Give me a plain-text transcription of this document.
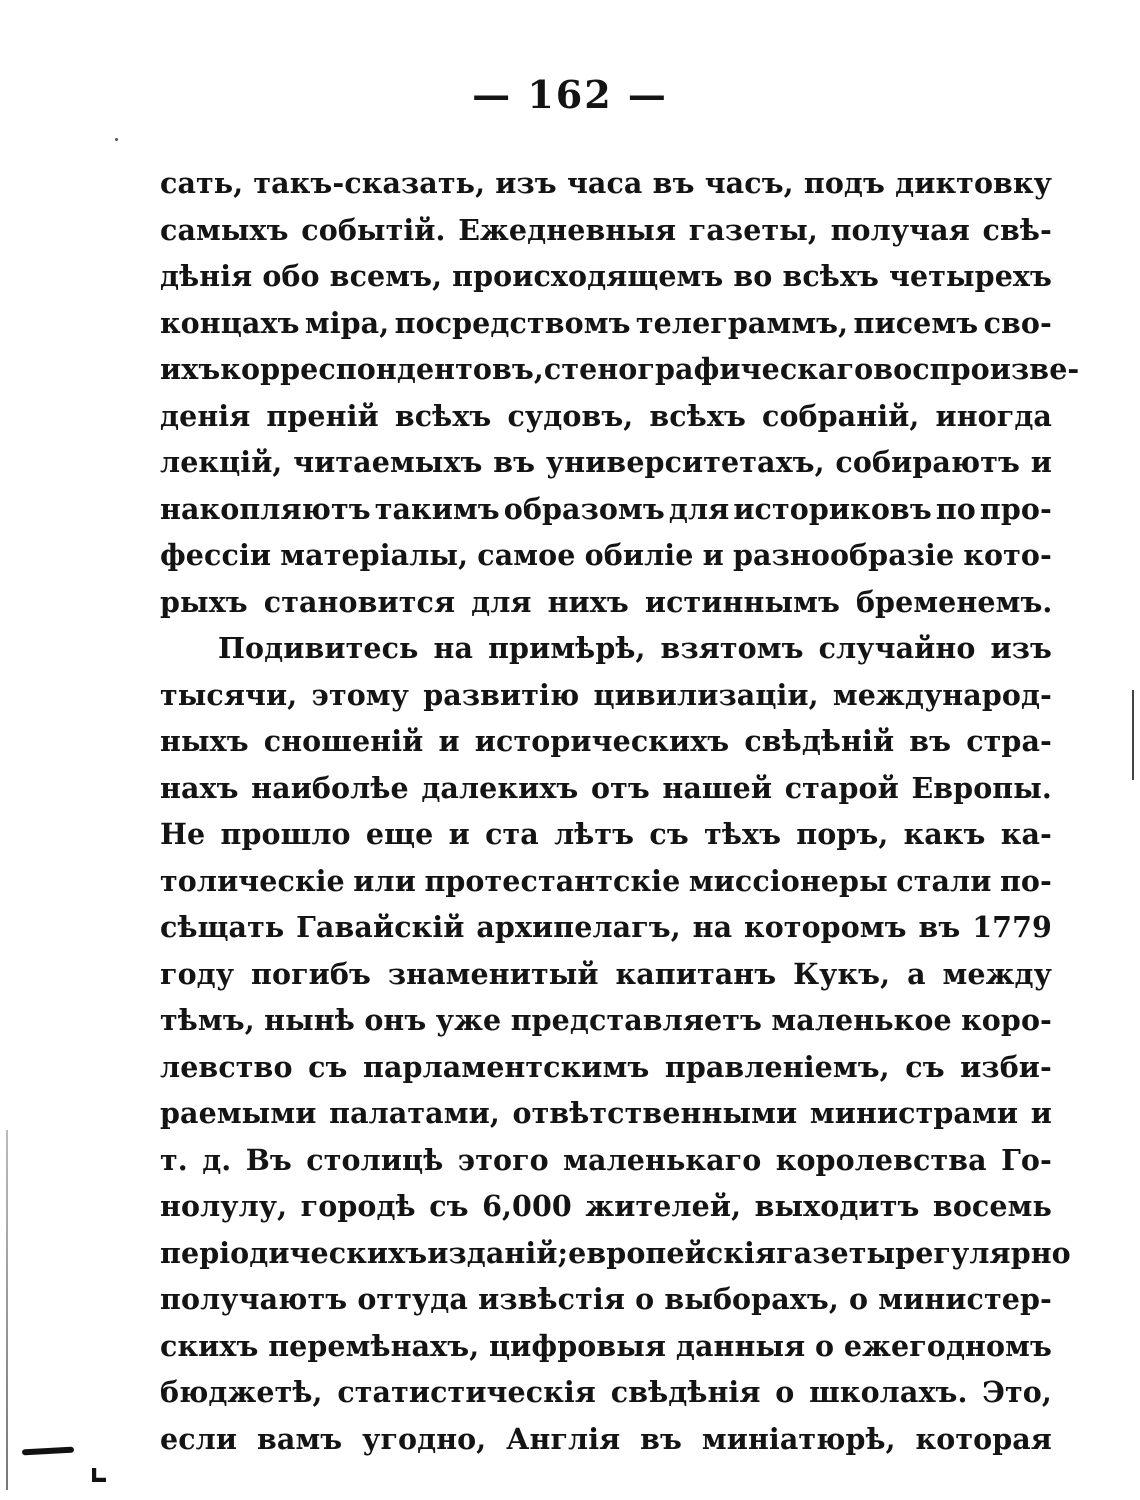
— 162 —
сать, такъ-сказать, изъ часа въ часъ, подъ диктовку
самыхъ событій. Ежедневныя газеты, получая свѣ-
дѣнія обо всемъ, происходящемъ во всѣхъ четырехъ
концахъ міра, посредствомъ телеграммъ, писемъ сво-
ихъ корреспондентовъ, стенографическаго воспроизве-
денія преній всѣхъ судовъ, всѣхъ собраній, иногда
лекцій, читаемыхъ въ университетахъ, собираютъ и
накопляютъ такимъ образомъ для историковъ по про-
фессіи матеріалы, самое обиліе и разнообразіе кото-
рыхъ становится для нихъ истиннымъ бременемъ.
Подивитесь на примѣрѣ, взятомъ случайно изъ
тысячи, этому развитію цивилизаціи, международ-
ныхъ сношеній и историческихъ свѣдѣній въ стра-
нахъ наиболѣе далекихъ отъ нашей старой Европы.
Не прошло еще и ста лѣтъ съ тѣхъ поръ, какъ ка-
толическіе или протестантскіе миссіонеры стали по-
сѣщать Гавайскій архипелагъ, на которомъ въ 1779
году погибъ знаменитый капитанъ Кукъ, а между
тѣмъ, нынѣ онъ уже представляетъ маленькое коро-
левство съ парламентскимъ правленіемъ, съ изби-
раемыми палатами, отвѣтственными министрами и
т. д. Въ столицѣ этого маленькаго королевства Го-
нолулу, городѣ съ 6,000 жителей, выходитъ восемь
періодическихъ изданій; европейскія газеты регулярно
получаютъ оттуда извѣстія о выборахъ, о министер-
скихъ перемѣнахъ, цифровыя данныя о ежегодномъ
бюджетѣ, статистическія свѣдѣнія о школахъ. Это,
если вамъ угодно, Англія въ миніатюрѣ, которая
